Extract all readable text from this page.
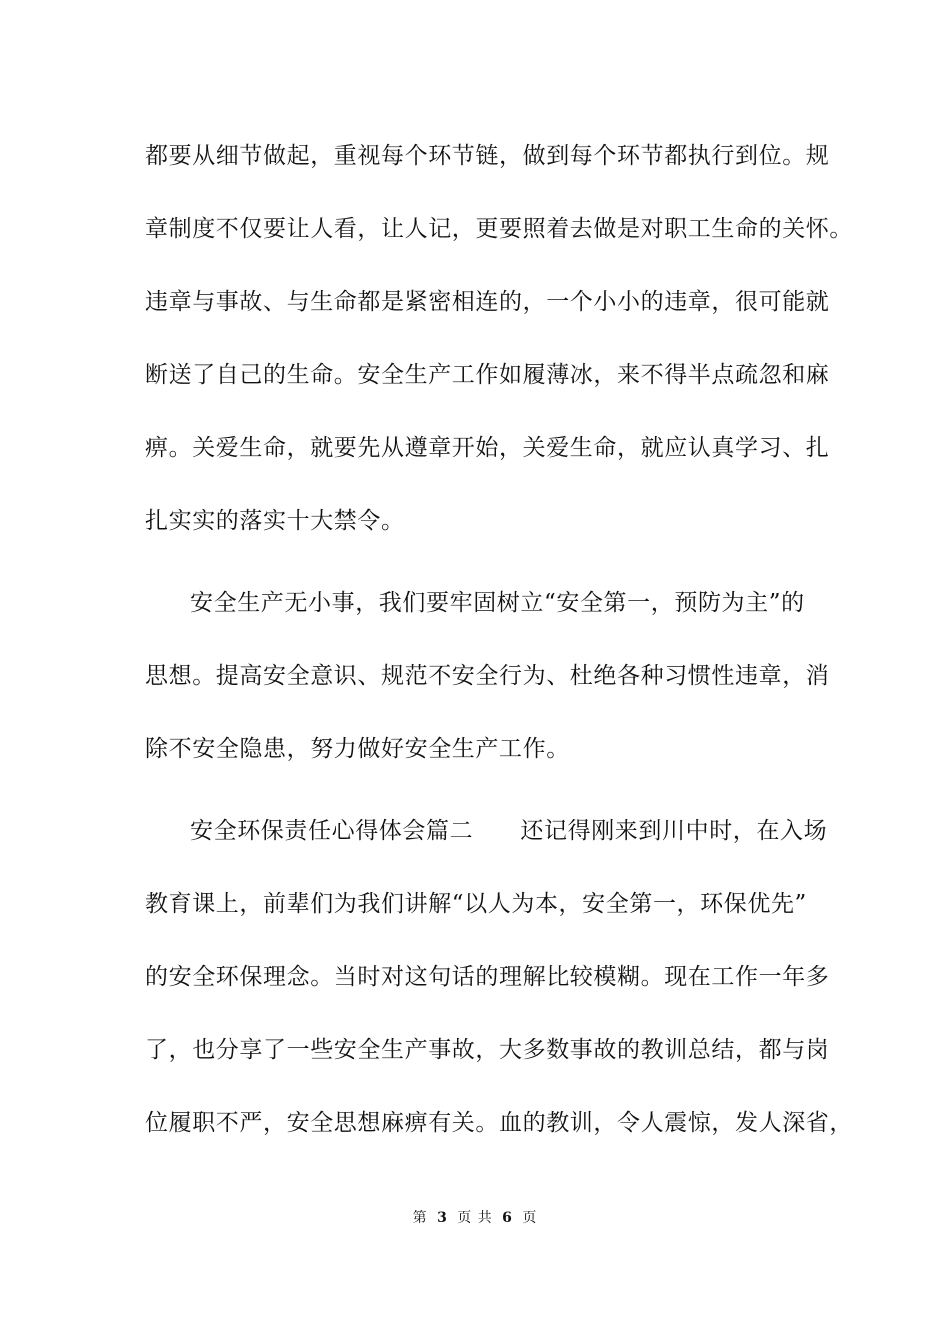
都要从细节做起，重视每个环节链，做到每个环节都执行到位。规
章制度不仅要让人看，让人记，更要照着去做是对职工生命的关怀。
违章与事故、与生命都是紧密相连的，一个小小的违章，很可能就
断送了自己的生命。安全生产工作如履薄冰，来不得半点疏忽和麻
痹。关爱生命，就要先从遵章开始，关爱生命，就应认真学习、扎
扎实实的落实十大禁令。
安全生产无小事，我们要牢固树立“安全第一，预防为主”的
思想。提高安全意识、规范不安全行为、杜绝各种习惯性违章，消
除不安全隐患，努力做好安全生产工作。
安全环保责任心得体会篇二　　还记得刚来到川中时，在入场
教育课上，前辈们为我们讲解“以人为本，安全第一，环保优先”
的安全环保理念。当时对这句话的理解比较模糊。现在工作一年多
了，也分享了一些安全生产事故，大多数事故的教训总结，都与岗
位履职不严，安全思想麻痹有关。血的教训，令人震惊，发人深省，
第 3 页 共 6 页
